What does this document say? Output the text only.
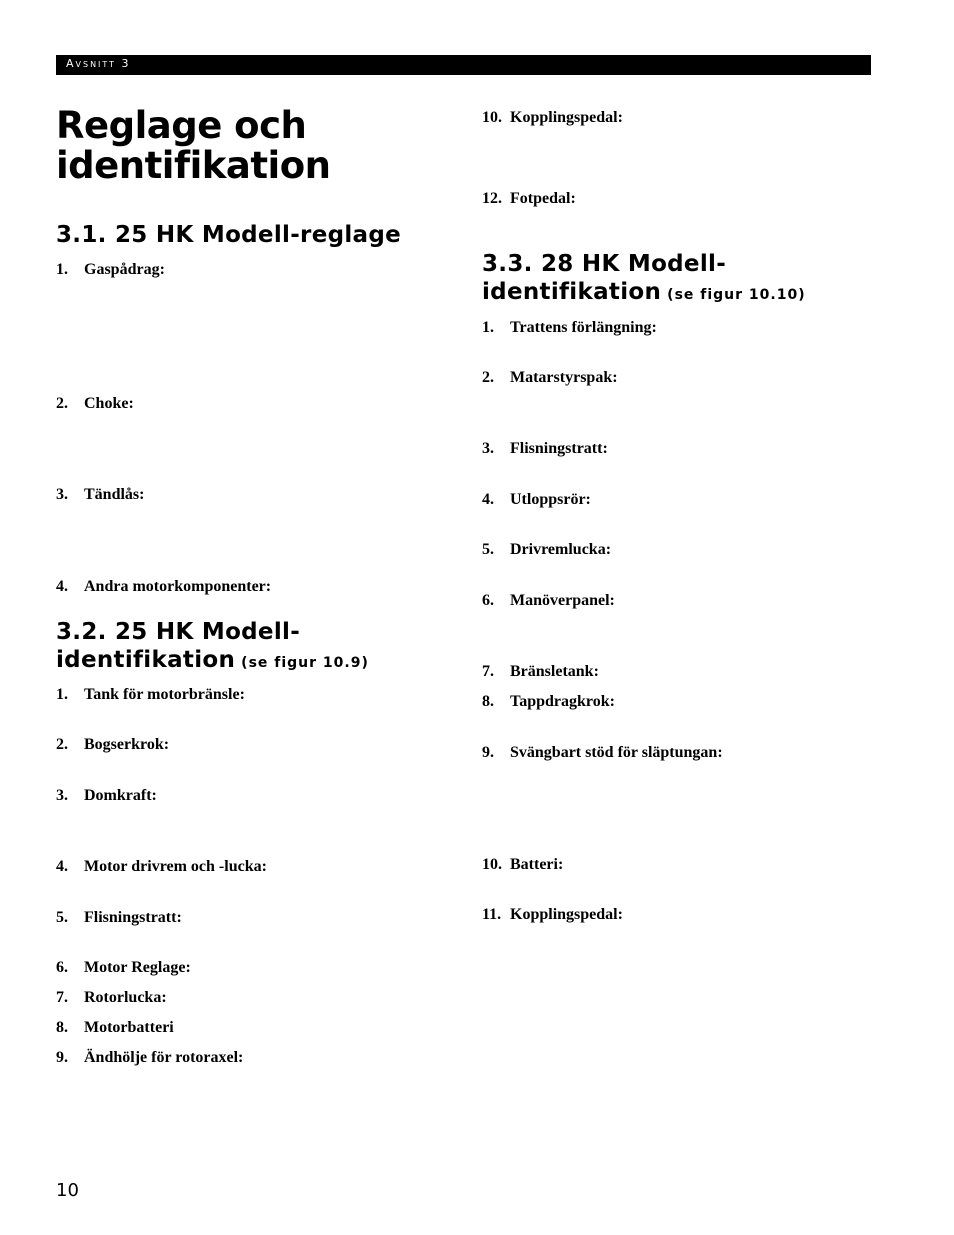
Avsnitt 3
Reglage och
identifikation
3.1. 25 HK Modell-reglage
1. Gaspådrag:
2. Choke:
3. Tändlås:
4. Andra motorkomponenter:
3.2. 25 HK Modell-
identifikation (se figur 10.9)
1. Tank för motorbränsle:
2. Bogserkrok:
3. Domkraft:
4. Motor drivrem och -lucka:
5. Flisningstratt:
6. Motor Reglage:
7. Rotorlucka:
8. Motorbatteri
9. Ändhölje för rotoraxel:
10. Kopplingspedal:
12. Fotpedal:
3.3. 28 HK Modell-
identifikation (se figur 10.10)
1. Trattens förlängning:
2. Matarstyrspak:
3. Flisningstratt:
4. Utloppsrör:
5. Drivremlucka:
6. Manöverpanel:
7. Bränsletank:
8. Tappdragkrok:
9. Svängbart stöd för släptungan:
10. Batteri:
11. Kopplingspedal:
10
